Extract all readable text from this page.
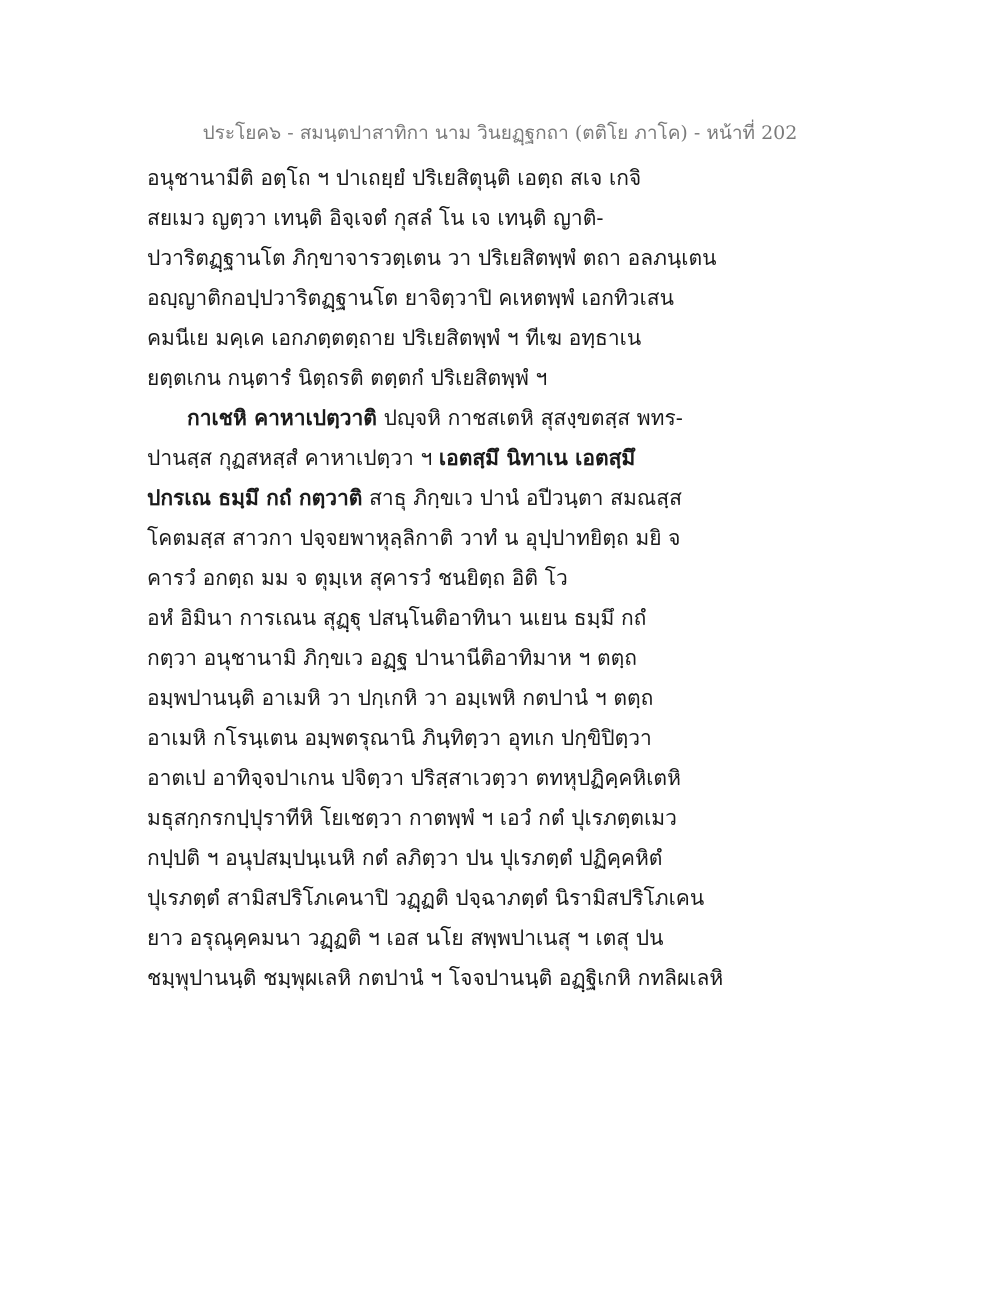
ประโยค๖ - สมนฺตปาสาทิกา นาม วินยฏฺฐกถา (ตติโย ภาโค) - หน้าที่ 202
อนุชานามีติ อตฺโถ ฯ ปาเถยฺยํ ปริเยสิตุนฺติ เอตฺถ สเจ เกจิ
สยเมว ญตฺวา เทนฺติ อิจฺเจตํ กุสลํ โน เจ เทนฺติ ญาติ-
ปวาริตฏฺฐานโต ภิกฺขาจารวตฺเตน วา ปริเยสิตพฺพํ ตถา อลภนฺเตน
อญฺญาติกอปฺปวาริตฏฺฐานโต ยาจิตฺวาปิ คเหตพฺพํ เอกทิวเสน
คมนีเย มคฺเค เอกภตฺตตฺถาย ปริเยสิตพฺพํ ฯ ทีเฆ อทฺธาเน
ยตฺตเกน กนฺตารํ นิตฺถรติ ตตฺตกํ ปริเยสิตพฺพํ ฯ
กาเชหิ คาหาเปตฺวาติ ปญฺจหิ กาชสเตหิ สุสงฺขตสฺส พทร-
ปานสฺส กุฏสหสฺสํ คาหาเปตฺวา ฯ เอตสฺมึ นิทาเน เอตสฺมึ
ปกรเณ ธมฺมึ กถํ กตฺวาติ สาธุ ภิกฺขเว ปานํ อปีวนฺตา สมณสฺส
โคตมสฺส สาวกา ปจฺจยพาหุลฺลิกาติ วาทํ น อุปฺปาทยิตฺถ มยิ จ
คารวํ อกตฺถ มม จ ตุมฺเห สุคารวํ ชนยิตฺถ อิติ โว
อหํ อิมินา การเณน สุฏฺฐุ ปสนฺโนติอาทินา นเยน ธมฺมึ กถํ
กตฺวา อนุชานามิ ภิกฺขเว อฏฺฐ ปานานีติอาทิมาห ฯ ตตฺถ
อมฺพปานนฺติ อาเมหิ วา ปกฺเกหิ วา อมฺเพหิ กตปานํ ฯ ตตฺถ
อาเมหิ กโรนฺเตน อมฺพตรุณานิ ภินฺทิตฺวา อุทเก ปกฺขิปิตฺวา
อาตเป อาทิจฺจปาเกน ปจิตฺวา ปริสฺสาเวตฺวา ตทหุปฏิคฺคหิเตหิ
มธุสกฺกรกปฺปุราทีหิ โยเชตฺวา กาตพฺพํ ฯ เอวํ กตํ ปุเรภตฺตเมว
กปฺปติ ฯ อนุปสมฺปนฺเนหิ กตํ ลภิตฺวา ปน ปุเรภตฺตํ ปฏิคฺคหิตํ
ปุเรภตฺตํ สามิสปริโภเคนาปิ วฏฺฏติ ปจฺฉาภตฺตํ นิรามิสปริโภเคน
ยาว อรุณุคฺคมนา วฏฺฏติ ฯ เอส นโย สพฺพปาเนสุ ฯ เตสุ ปน
ชมฺพุปานนฺติ ชมฺพุผเลหิ กตปานํ ฯ โจจปานนฺติ อฏฺฐิเกหิ กทลิผเลหิ
